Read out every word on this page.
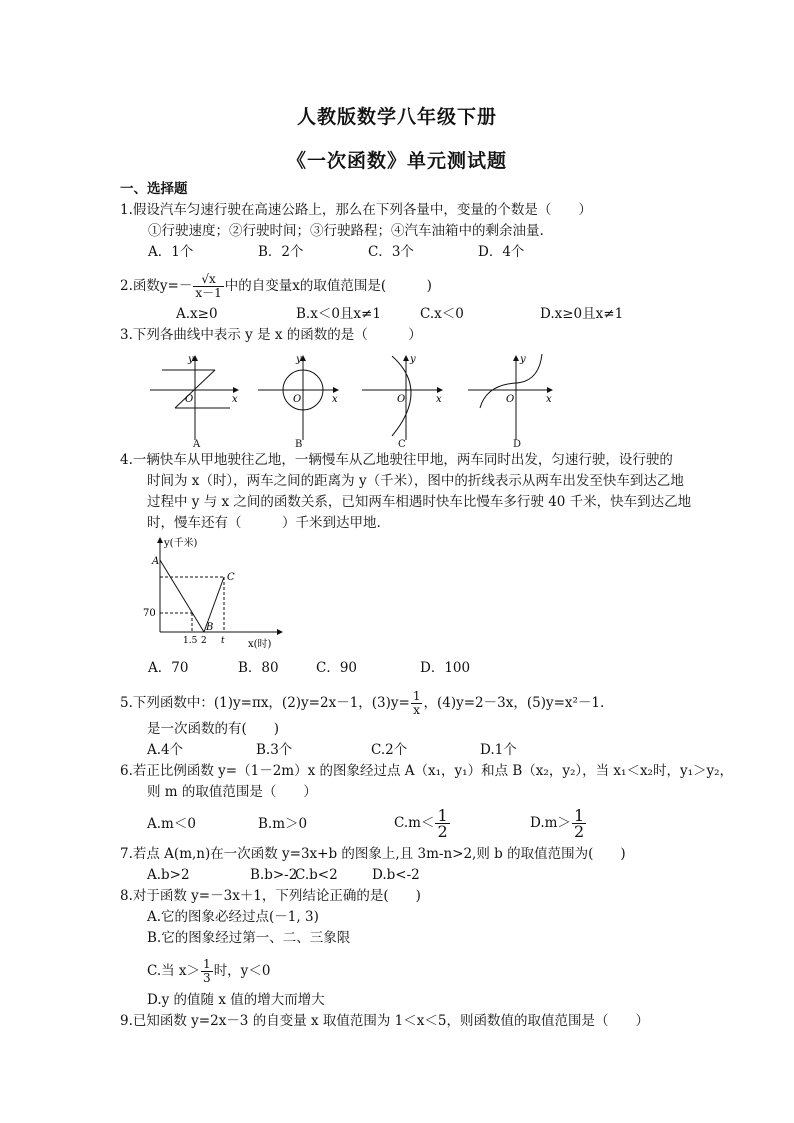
人教版数学八年级下册
《一次函数》单元测试题
一、选择题
1.假设汽车匀速行驶在高速公路上，那么在下列各量中，变量的个数是（　　）
①行驶速度；②行驶时间；③行驶路程；④汽车油箱中的剩余油量.
A．1个	B．2个	C．3个	D．4个
2.函数$y=- \frac{√x}{x-1}$ 中的自变量x的取值范围是(　　　)
A.x≥0	B.x＜0且x≠1	C.x＜0	D.x≥0且x≠1
3.下列各曲线中表示 y 是 x 的函数的是（　　　）
y
x
O
y
x
O
y
x
O
y
x
O
A	B	C	D
4.一辆快车从甲地驶往乙地，一辆慢车从乙地驶往甲地，两车同时出发，匀速行驶，设行驶的
时间为 x（时），两车之间的距离为 y（千米），图中的折线表示从两车出发至快车到达乙地
过程中 y 与 x 之间的函数关系，已知两车相遇时快车比慢车多行驶 40 千米，快车到达乙地
时，慢车还有（　　　）千米到达甲地.
y(千米)
x(时)
70
1.5 2 t
A
B
C
A．70	B．80	C．90	D．100
5.下列函数中：(1)y=πx，(2)y=2x－1，$(3)y= \frac{1}{x}$ ，(4)y=2－3x，(5)y=x²－1.
是一次函数的有(　　)
A.4个	B.3个	C.2个	D.1个
6.若正比例函数 y=（1－2m）x 的图象经过点 A（x₁，y₁）和点 B（x₂，y₂），当 x₁＜x₂时，y₁＞y₂，
则 m 的取值范围是（　　）
A.m＜0	B.m＞0	$C.m< \frac{1}{2}$	$D.m> \frac{1}{2}$
7.若点 A(m,n)在一次函数 y=3x+b 的图象上,且 3m-n>2,则 b 的取值范围为(　　)
A.b>2	B.b>-2
C.b<2	D.b<-2
8.对于函数 y=－3x＋1，下列结论正确的是(　　)
A.它的图象必经过点(－1, 3)
B.它的图象经过第一、二、三象限
C.当 $x> \frac{1}{3}$ 时，y＜0
D.y 的值随 x 值的增大而增大
9.已知函数 y=2x－3 的自变量 x 取值范围为 1＜x＜5，则函数值的取值范围是（　　）
